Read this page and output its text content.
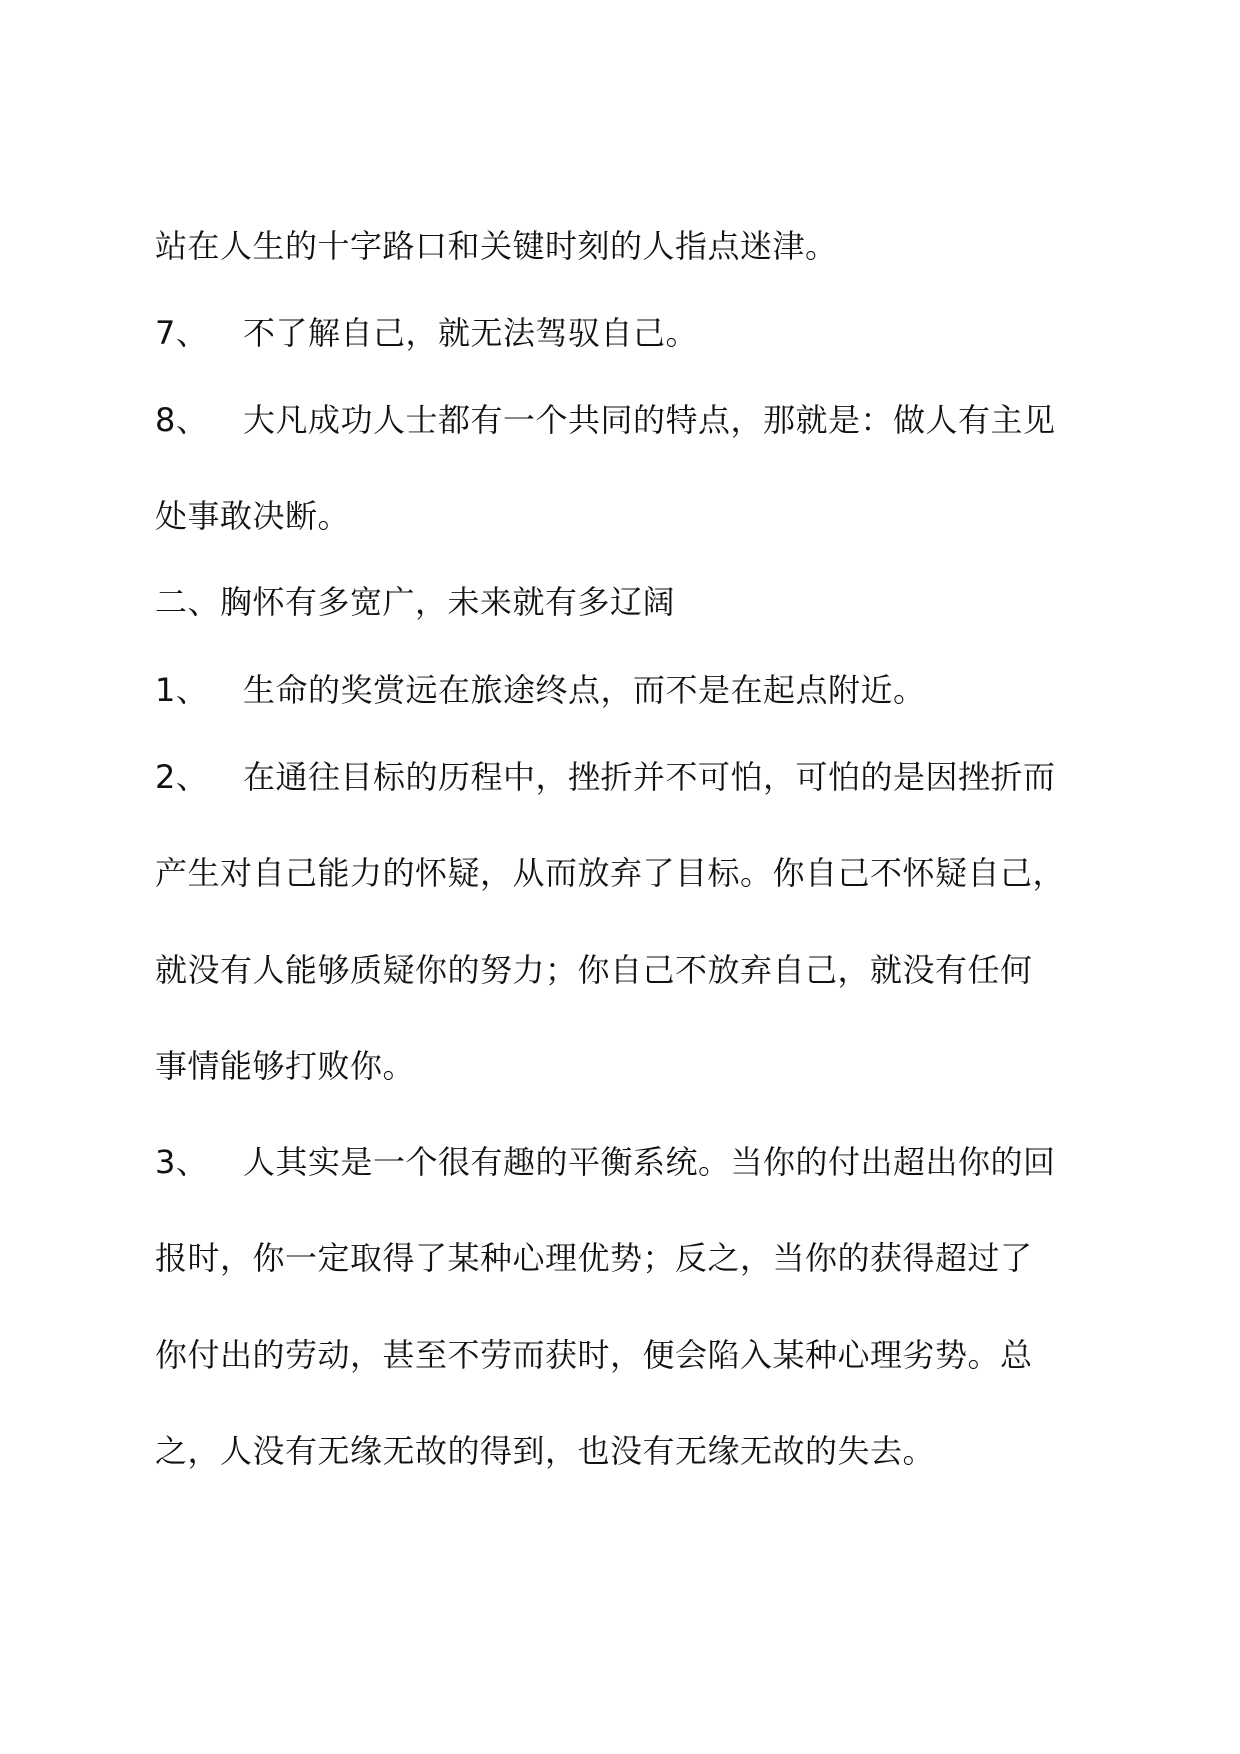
站在人生的十字路口和关键时刻的人指点迷津。
7、 不了解自己，就无法驾驭自己。
8、 大凡成功人士都有一个共同的特点，那就是：做人有主见
处事敢决断。
二、胸怀有多宽广，未来就有多辽阔
1、 生命的奖赏远在旅途终点，而不是在起点附近。
2、 在通往目标的历程中，挫折并不可怕，可怕的是因挫折而
产生对自己能力的怀疑，从而放弃了目标。你自己不怀疑自己，
就没有人能够质疑你的努力；你自己不放弃自己，就没有任何
事情能够打败你。
3、 人其实是一个很有趣的平衡系统。当你的付出超出你的回
报时，你一定取得了某种心理优势；反之，当你的获得超过了
你付出的劳动，甚至不劳而获时，便会陷入某种心理劣势。总
之，人没有无缘无故的得到，也没有无缘无故的失去。
